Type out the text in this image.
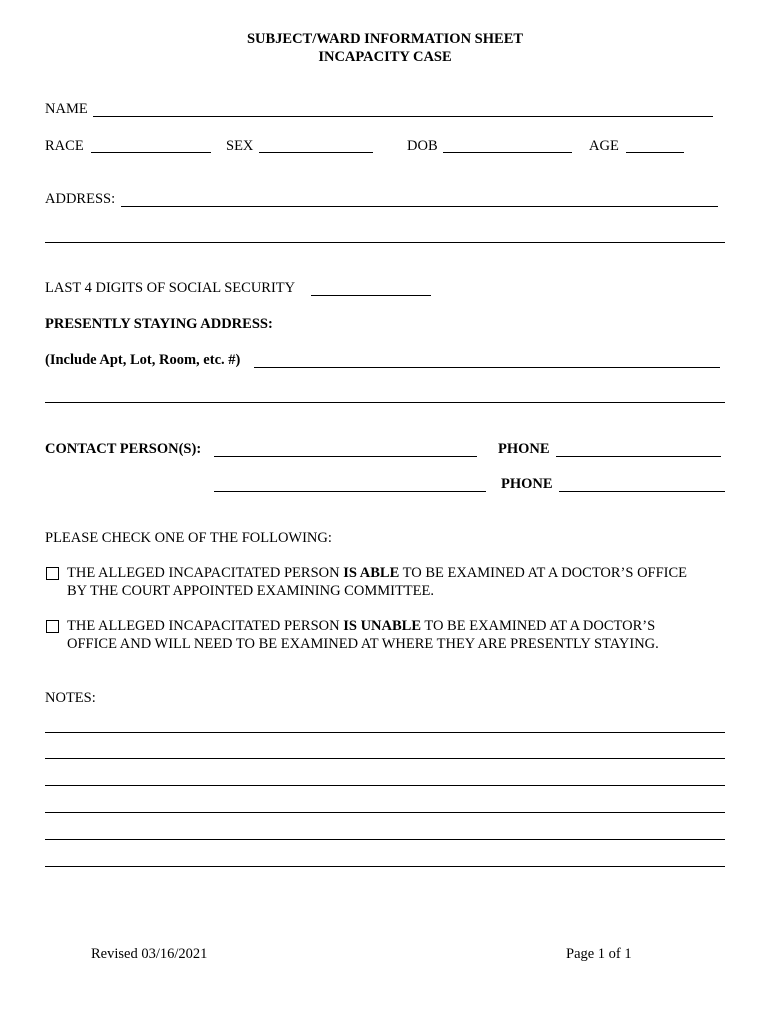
SUBJECT/WARD INFORMATION SHEET
INCAPACITY CASE
NAME
RACE	SEX	DOB	AGE
ADDRESS:
LAST 4 DIGITS OF SOCIAL SECURITY
PRESENTLY STAYING ADDRESS:
(Include Apt, Lot, Room, etc. #)
CONTACT PERSON(S):	PHONE
PHONE
PLEASE CHECK ONE OF THE FOLLOWING:
THE ALLEGED INCAPACITATED PERSON IS ABLE TO BE EXAMINED AT A DOCTOR’S OFFICE
BY THE COURT APPOINTED EXAMINING COMMITTEE.
THE ALLEGED INCAPACITATED PERSON IS UNABLE TO BE EXAMINED AT A DOCTOR’S
OFFICE AND WILL NEED TO BE EXAMINED AT WHERE THEY ARE PRESENTLY STAYING.
NOTES:
Revised 03/16/2021	Page 1 of 1
